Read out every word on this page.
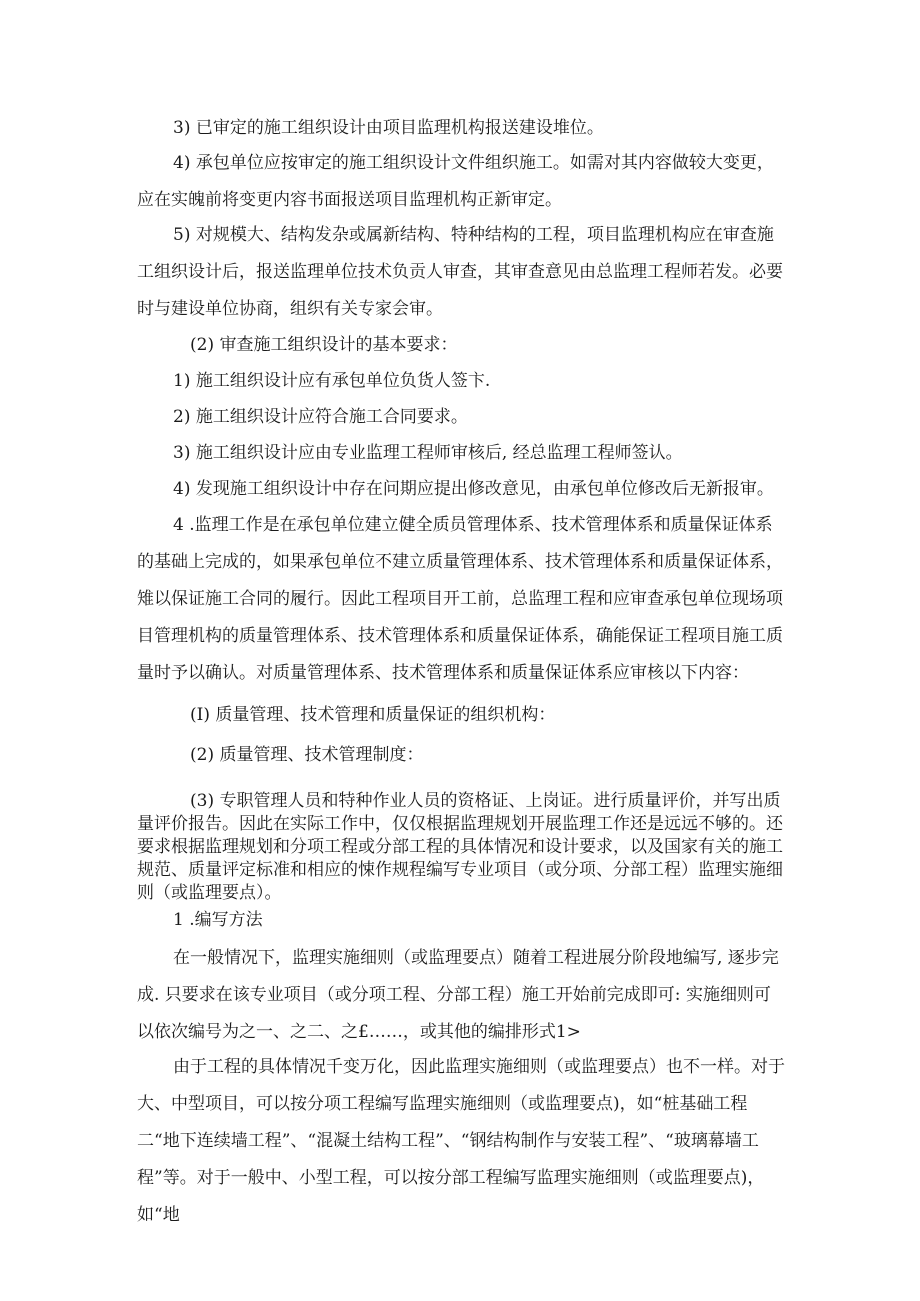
3) 已审定的施工组织设计由项目监理机构报送建设堆位。

4) 承包单位应按审定的施工组织设计文件组织施工。如需对其内容做较大变更，应在实魄前将变更内容书面报送项目监理机构正新审定。

5) 对规模大、结构发杂或属新结构、特种结构的工程，项目监理机构应在审查施工组织设计后，报送监理单位技术负贡人审查，其审查意见由总监理工程师若发。必要时与建设单位协商，组织有关专家会审。

(2) 审查施工组织设计的基本要求：

1) 施工组织设计应有承包单位负货人签卞.

2) 施工组织设计应符合施工合同要求。

3) 施工组织设计应由专业监理工程师审核后, 经总监理工程师签认。

4) 发现施工组织设计中存在问期应提出修改意见，由承包单位修改后无新报审。

4 .监理工作是在承包单位建立健全质员管理体系、技术管理体系和质量保证体系的基础上完成的，如果承包单位不建立质量管理体系、技术管理体系和质量保证体系，雉以保证施工合同的履行。因此工程项目开工前，总监理工程和应审查承包单位现场项目管理机构的质量管理体系、技术管理体系和质量保证体系，确能保证工程项目施工质量时予以确认。对质量管理体系、技术管理体系和质量保证体系应审核以下内容：

(I) 质量管理、技术管理和质量保证的组织机构：

(2) 质量管理、技术管理制度：

(3) 专职管理人员和特种作业人员的资格证、上岗证。进行质量评价，并写出质量评价报告。因此在实际工作中，仅仅根据监理规划开展监理工作还是远远不够的。还要求根据监理规划和分项工程或分部工程的具体情况和设计要求，以及国家有关的施工规范、质量评定标准和相应的悚作规程编写专业项目（或分项、分部工程）监理实施细则（或监理要点）。

1 .编写方法

在一般情况下，监理实施细则（或监理要点）随着工程进展分阶段地编写, 逐步完成. 只要求在该专业项目（或分项工程、分部工程）施工开始前完成即可: 实施细则可以依次编号为之一、之二、之£……，或其他的编排形式1>

由于工程的具体情况千变万化，因此监理实施细则（或监理要点）也不一样。对于大、中型项目，可以按分项工程编写监理实施细则（或监理要点)，如“桩基础工程二“地下连续墙工程”、“混凝土结构工程”、“钢结构制作与安装工程”、“玻璃幕墙工程”等。对于一般中、小型工程，可以按分部工程编写监理实施细则（或监理要点)，如“地
